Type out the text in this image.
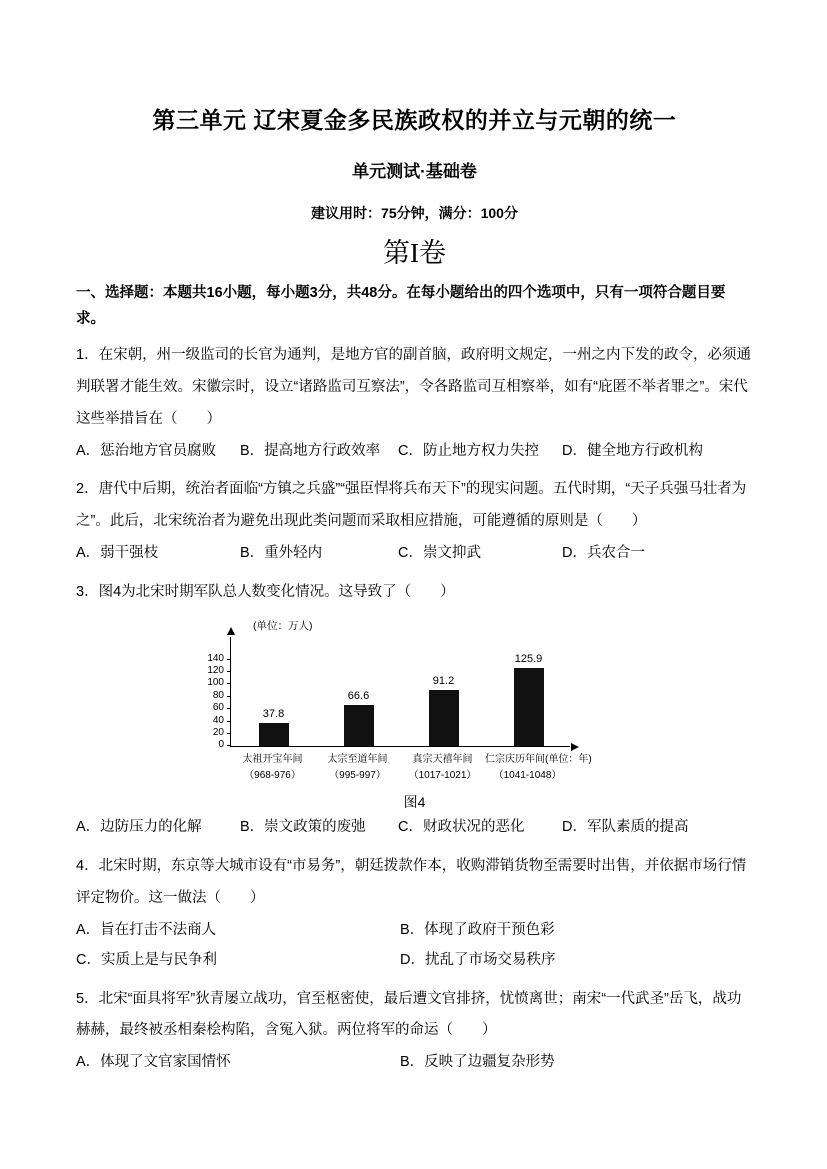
第三单元 辽宋夏金多民族政权的并立与元朝的统一
单元测试·基础卷
建议用时：75分钟，满分：100分
第I卷
一、选择题：本题共16小题，每小题3分，共48分。在每小题给出的四个选项中，只有一项符合题目要求。
1．在宋朝，州一级监司的长官为通判，是地方官的副首脑，政府明文规定，一州之内下发的政令，必须通判联署才能生效。宋徽宗时，设立“诸路监司互察法”，令各路监司互相察举，如有“庇匿不举者罪之”。宋代这些举措旨在（　　）
A．惩治地方官员腐败	B．提高地方行政效率	C．防止地方权力失控	D．健全地方行政机构
2．唐代中后期，统治者面临“方镇之兵盛”“强臣悍将兵布天下”的现实问题。五代时期，“天子兵强马壮者为之”。此后，北宋统治者为避免出现此类问题而采取相应措施，可能遵循的原则是（　　）
A．弱干强枝	B．重外轻内	C．崇文抑武	D．兵农合一
3．图4为北宋时期军队总人数变化情况。这导致了（　　）
(单位：万人)
0
20
40
60
80
100
120
140
37.8
66.6
91.2
125.9
太祖开宝年间
（968-976）
太宗至道年间
（995-997）
真宗天禧年间
（1017-1021）
仁宗庆历年间(单位：年)
（1041-1048）
图4
A．边防压力的化解	B．崇文政策的废弛	C．财政状况的恶化	D．军队素质的提高
4．北宋时期，东京等大城市设有“市易务”，朝廷拨款作本，收购滞销货物至需要时出售，并依据市场行情评定物价。这一做法（　　）
A．旨在打击不法商人	B．体现了政府干预色彩
C．实质上是与民争利	D．扰乱了市场交易秩序
5．北宋“面具将军”狄青屡立战功，官至枢密使，最后遭文官排挤，忧愤离世；南宋“一代武圣”岳飞，战功赫赫，最终被丞相秦桧构陷，含冤入狱。两位将军的命运（　　）
A．体现了文官家国情怀	B．反映了边疆复杂形势
